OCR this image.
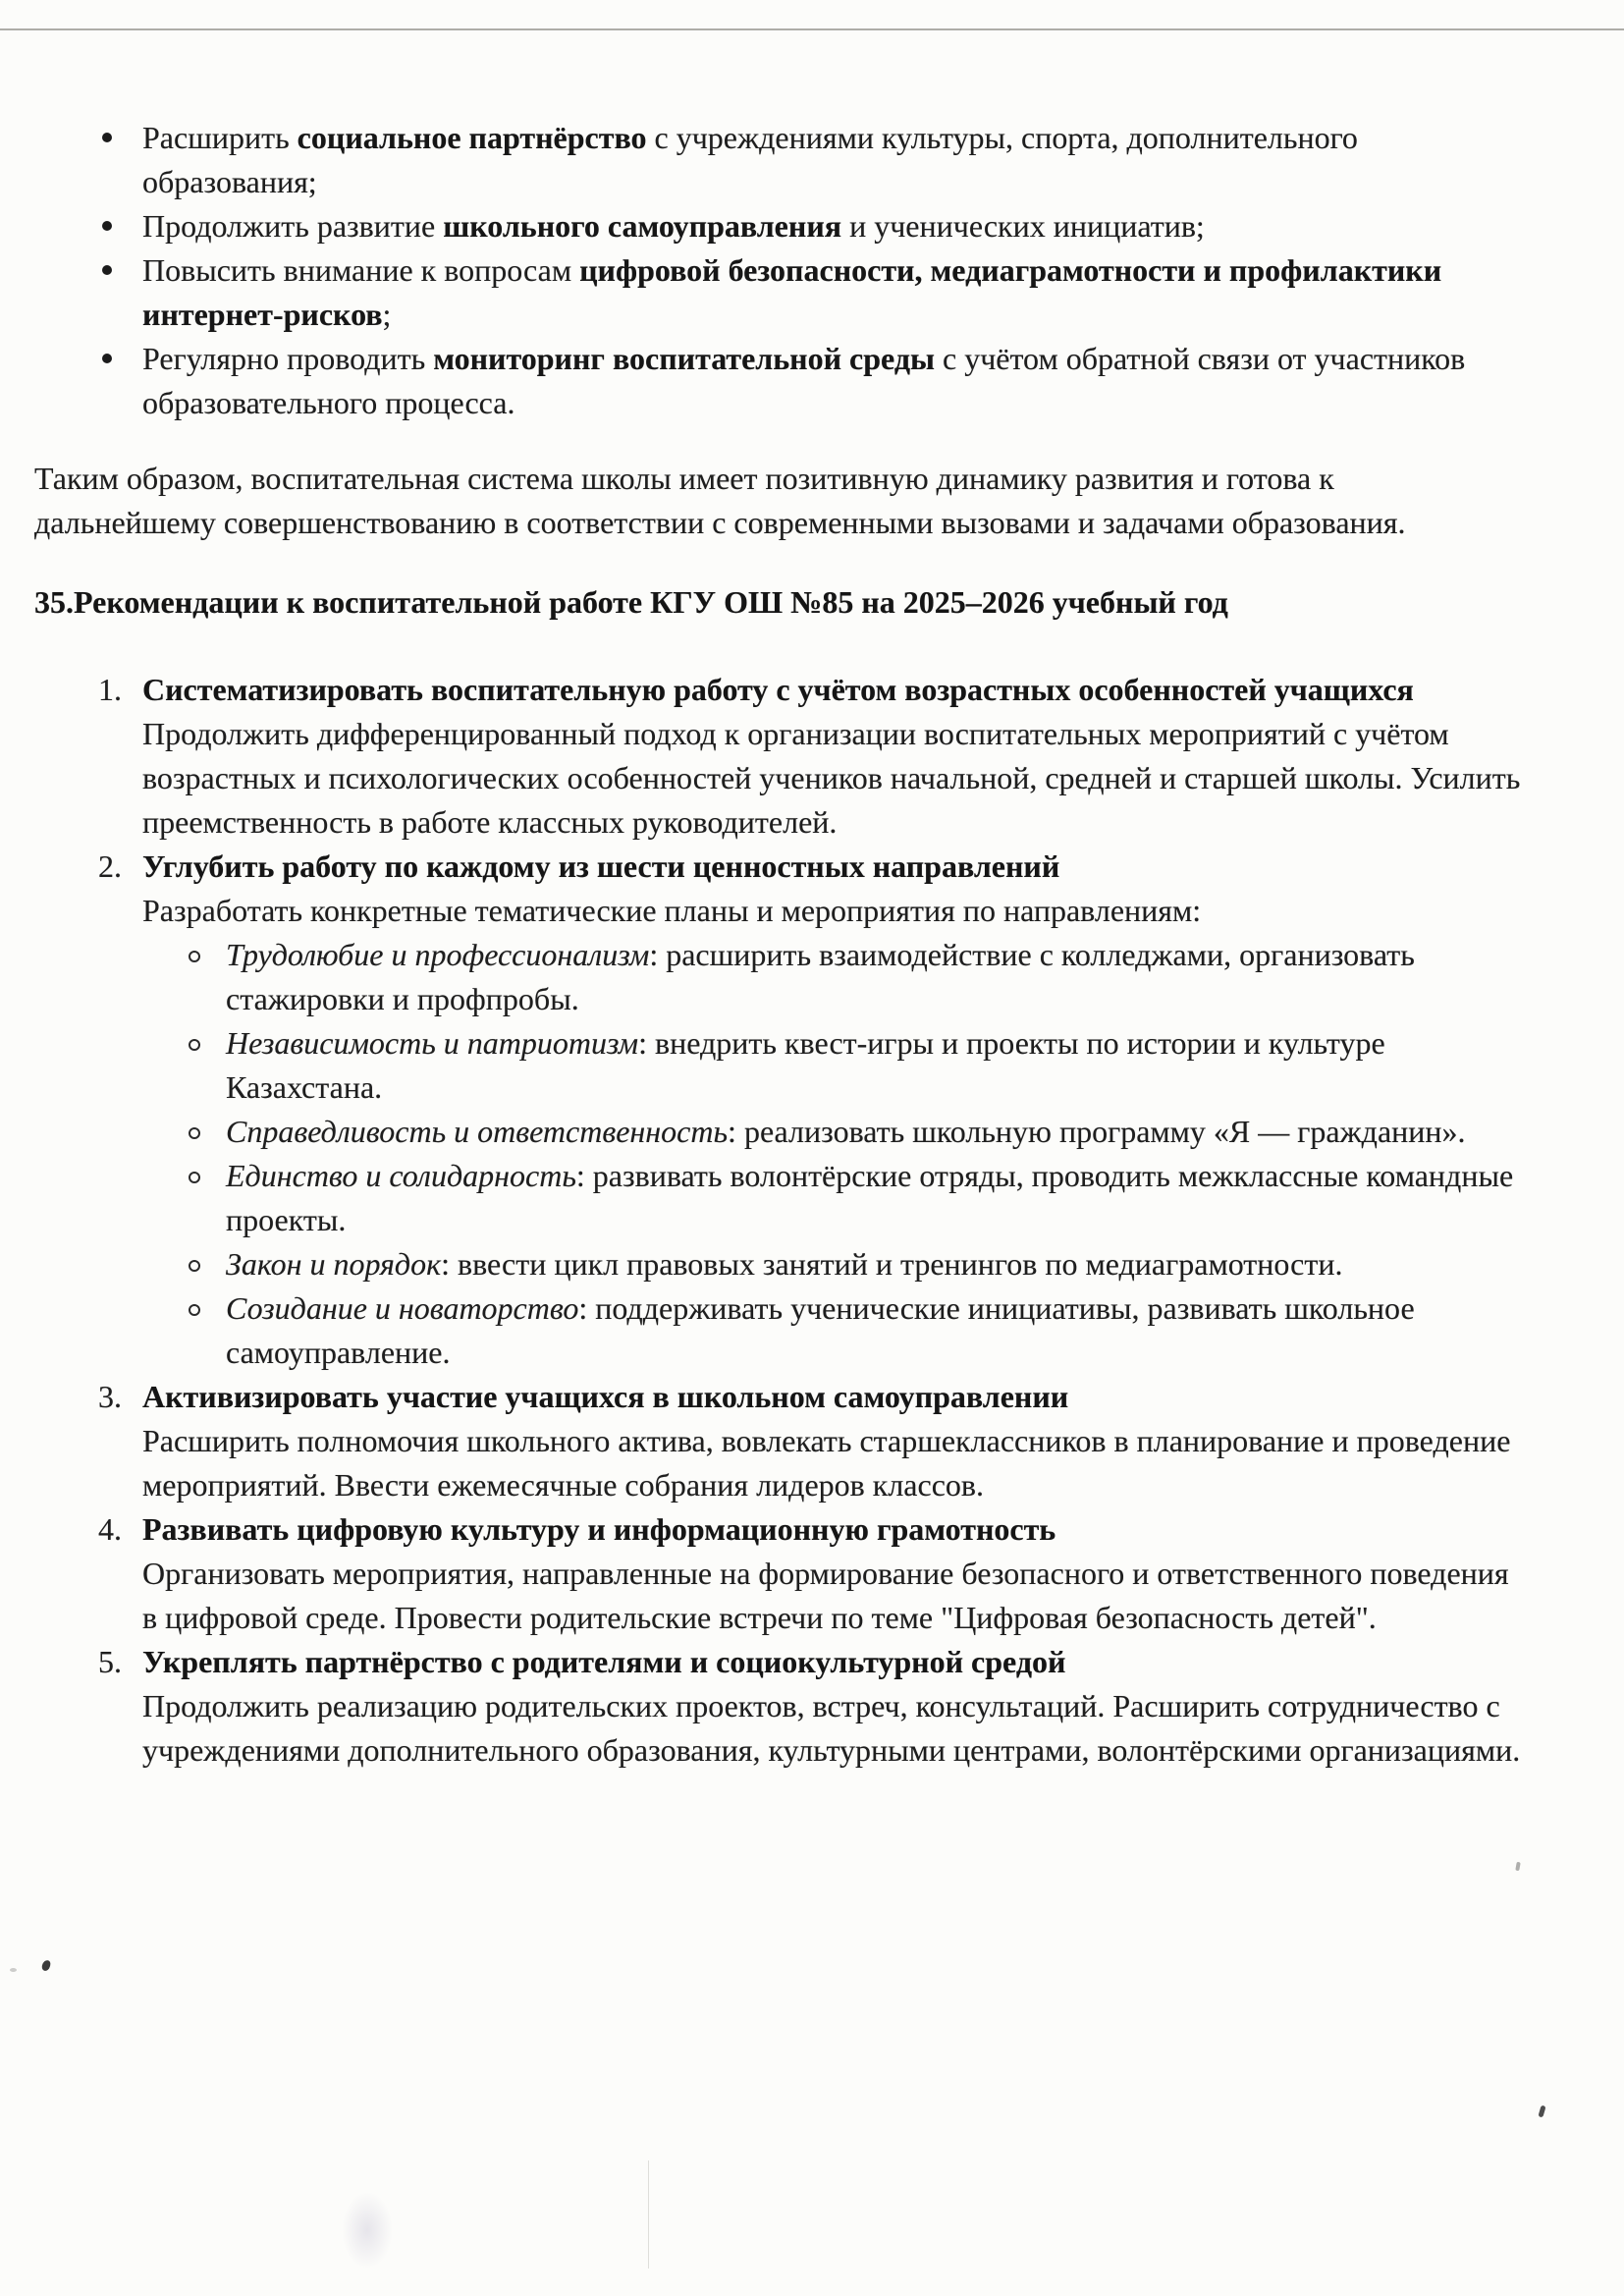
Расширить социальное партнёрство с учреждениями культуры, спорта, дополнительного образования;
Продолжить развитие школьного самоуправления и ученических инициатив;
Повысить внимание к вопросам цифровой безопасности, медиаграмотности и профилактики интернет-рисков;
Регулярно проводить мониторинг воспитательной среды с учётом обратной связи от участников образовательного процесса.

Таким образом, воспитательная система школы имеет позитивную динамику развития и готова к дальнейшему совершенствованию в соответствии с современными вызовами и задачами образования.

35.Рекомендации к воспитательной работе КГУ ОШ №85 на 2025–2026 учебный год
1. Систематизировать воспитательную работу с учётом возрастных особенностей учащихся
Продолжить дифференцированный подход к организации воспитательных мероприятий с учётом возрастных и психологических особенностей учеников начальной, средней и старшей школы. Усилить преемственность в работе классных руководителей.
2. Углубить работу по каждому из шести ценностных направлений
Разработать конкретные тематические планы и мероприятия по направлениям:
Трудолюбие и профессионализм: расширить взаимодействие с колледжами, организовать стажировки и профпробы.
Независимость и патриотизм: внедрить квест-игры и проекты по истории и культуре Казахстана.
Справедливость и ответственность: реализовать школьную программу «Я — гражданин».
Единство и солидарность: развивать волонтёрские отряды, проводить межклассные командные проекты.
Закон и порядок: ввести цикл правовых занятий и тренингов по медиаграмотности.
Созидание и новаторство: поддерживать ученические инициативы, развивать школьное самоуправление.
3. Активизировать участие учащихся в школьном самоуправлении
Расширить полномочия школьного актива, вовлекать старшеклассников в планирование и проведение мероприятий. Ввести ежемесячные собрания лидеров классов.
4. Развивать цифровую культуру и информационную грамотность
Организовать мероприятия, направленные на формирование безопасного и ответственного поведения в цифровой среде. Провести родительские встречи по теме "Цифровая безопасность детей".
5. Укреплять партнёрство с родителями и социокультурной средой
Продолжить реализацию родительских проектов, встреч, консультаций. Расширить сотрудничество с учреждениями дополнительного образования, культурными центрами, волонтёрскими организациями.
